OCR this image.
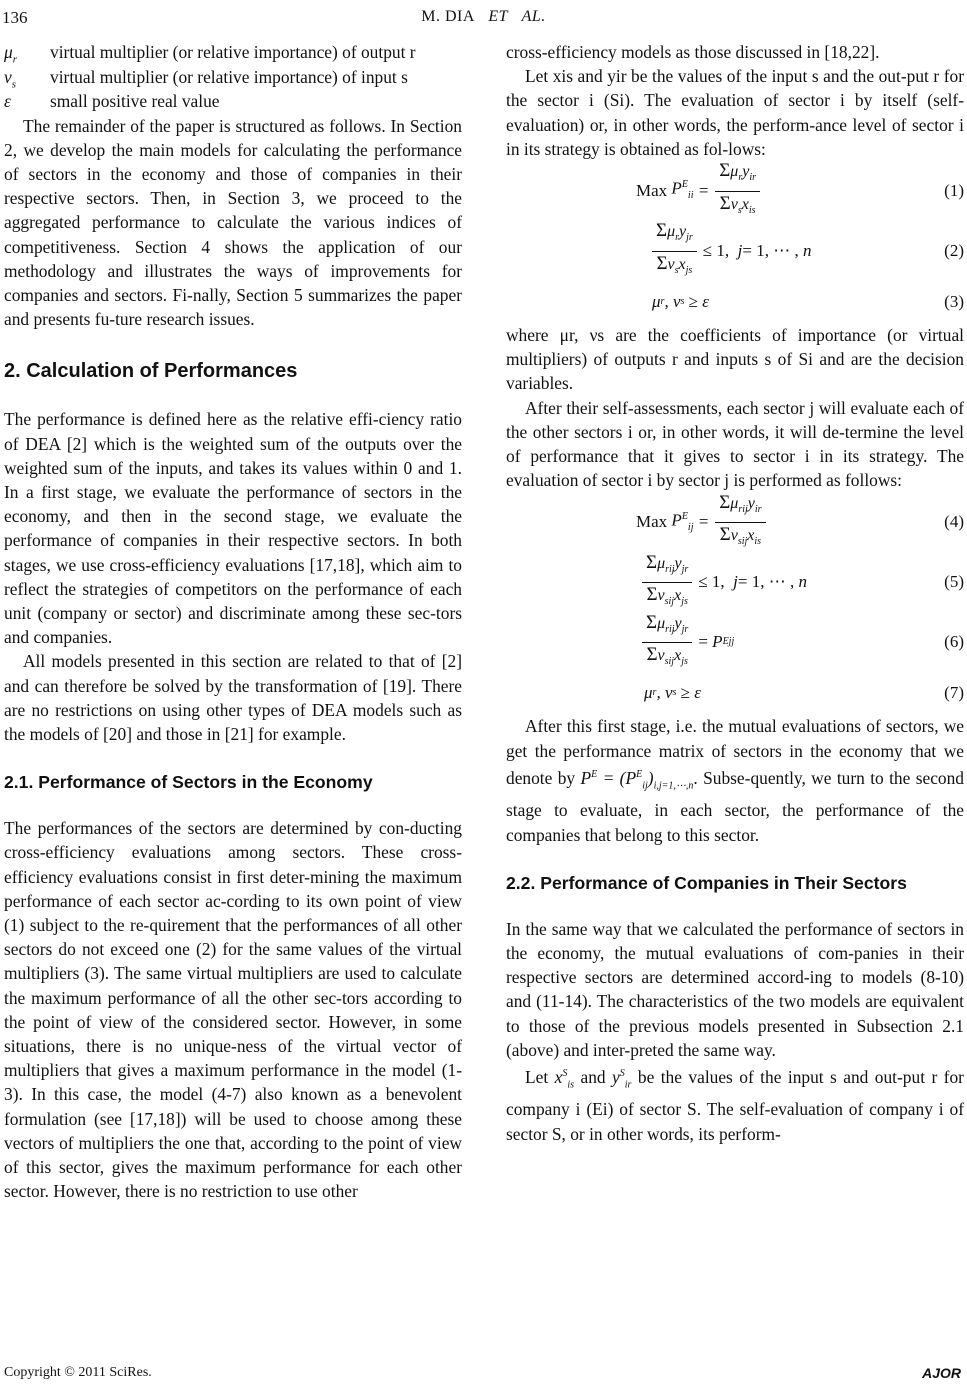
136	M. DIA ET AL.
$\mu_r$	virtual multiplier (or relative importance) of output r
$\nu_s$	virtual multiplier (or relative importance) of input s
ε	small positive real value

The remainder of the paper is structured as follows. In Section 2, we develop the main models for calculating the performance of sectors in the economy and those of companies in their respective sectors. Then, in Section 3, we proceed to the aggregated performance to calculate the various indices of competitiveness. Section 4 shows the application of our methodology and illustrates the ways of improvements for companies and sectors. Fi-nally, Section 5 summarizes the paper and presents fu-ture research issues.

2. Calculation of Performances

The performance is defined here as the relative effi-ciency ratio of DEA [2] which is the weighted sum of the outputs over the weighted sum of the inputs, and takes its values within 0 and 1. In a first stage, we evaluate the performance of sectors in the economy, and then in the second stage, we evaluate the performance of companies in their respective sectors. In both stages, we use cross-efficiency evaluations [17,18], which aim to reflect the strategies of competitors on the performance of each unit (company or sector) and discriminate among these sec-tors and companies.

All models presented in this section are related to that of [2] and can therefore be solved by the transformation of [19]. There are no restrictions on using other types of DEA models such as the models of [20] and those in [21] for example.

2.1. Performance of Sectors in the Economy

The performances of the sectors are determined by con-ducting cross-efficiency evaluations among sectors. These cross-efficiency evaluations consist in first deter-mining the maximum performance of each sector ac-cording to its own point of view (1) subject to the re-quirement that the performances of all other sectors do not exceed one (2) for the same values of the virtual multipliers (3). The same virtual multipliers are used to calculate the maximum performance of all the other sec-tors according to the point of view of the considered sector. However, in some situations, there is no unique-ness of the virtual vector of multipliers that gives a maximum performance in the model (1-3). In this case, the model (4-7) also known as a benevolent formulation (see [17,18]) will be used to choose among these vectors of multipliers the one that, according to the point of view of this sector, gives the maximum performance for each other sector. However, there is no restriction to use other

cross-efficiency models as those discussed in [18,22].

Let xis and yir be the values of the input s and the out-put r for the sector i (Si). The evaluation of sector i by itself (self-evaluation) or, in other words, the perform-ance level of sector i in its strategy is obtained as fol-lows:

Max
$P^E_{ii} = \frac{\Sigma\mu_ry_{ir}}{\Sigma\nu_sx_{is}}$	(1)
$\frac{\Sigma\mu_ry_{jr}}{\Sigma\nu_sx_{js}} \le 1$, j = 1, ⋯ , n	(2)
μ r , ν s
≥ ε	(3)

where μr, νs are the coefficients of importance (or virtual multipliers) of outputs r and inputs s of Si and are the decision variables.

After their self-assessments, each sector j will evaluate each of the other sectors i or, in other words, it will de-termine the level of performance that it gives to sector i in its strategy. The evaluation of sector i by sector j is performed as follows:

Max
$P^E_{ij} = \frac{\Sigma\mu_{rij}y_{ir}}{\Sigma\nu_{sij}x_{is}}$	(4)
$\frac{\Sigma\mu_{rij}y_{jr}}{\Sigma\nu_{sij}x_{js}} \le 1$, j = 1, ⋯ , n	(5)
$\frac{\Sigma\mu_{rij}y_{jr}}{\Sigma\nu_{sij}x_{js}} = P$ E jj	(6)
μ r , ν s
≥ ε	(7)

After this first stage, i.e. the mutual evaluations of sectors, we get the performance matrix of sectors in the economy that we denote by $P^E = (P^E_{ij})_{i,j=1,\cdots,n}$. Subse-quently, we turn to the second stage to evaluate, in each sector, the performance of the companies that belong to this sector.

2.2. Performance of Companies in Their Sectors

In the same way that we calculated the performance of sectors in the economy, the mutual evaluations of com-panies in their respective sectors are determined accord-ing to models (8-10) and (11-14). The characteristics of the two models are equivalent to those of the previous models presented in Subsection 2.1 (above) and inter-preted the same way.

Let $x^S_{is}$ and $y^S_{ir}$ be the values of the input s and out-put r for company i (Ei) of sector S. The self-evaluation of company i of sector S, or in other words, its perform-

Copyright © 2011 SciRes.	AJOR
